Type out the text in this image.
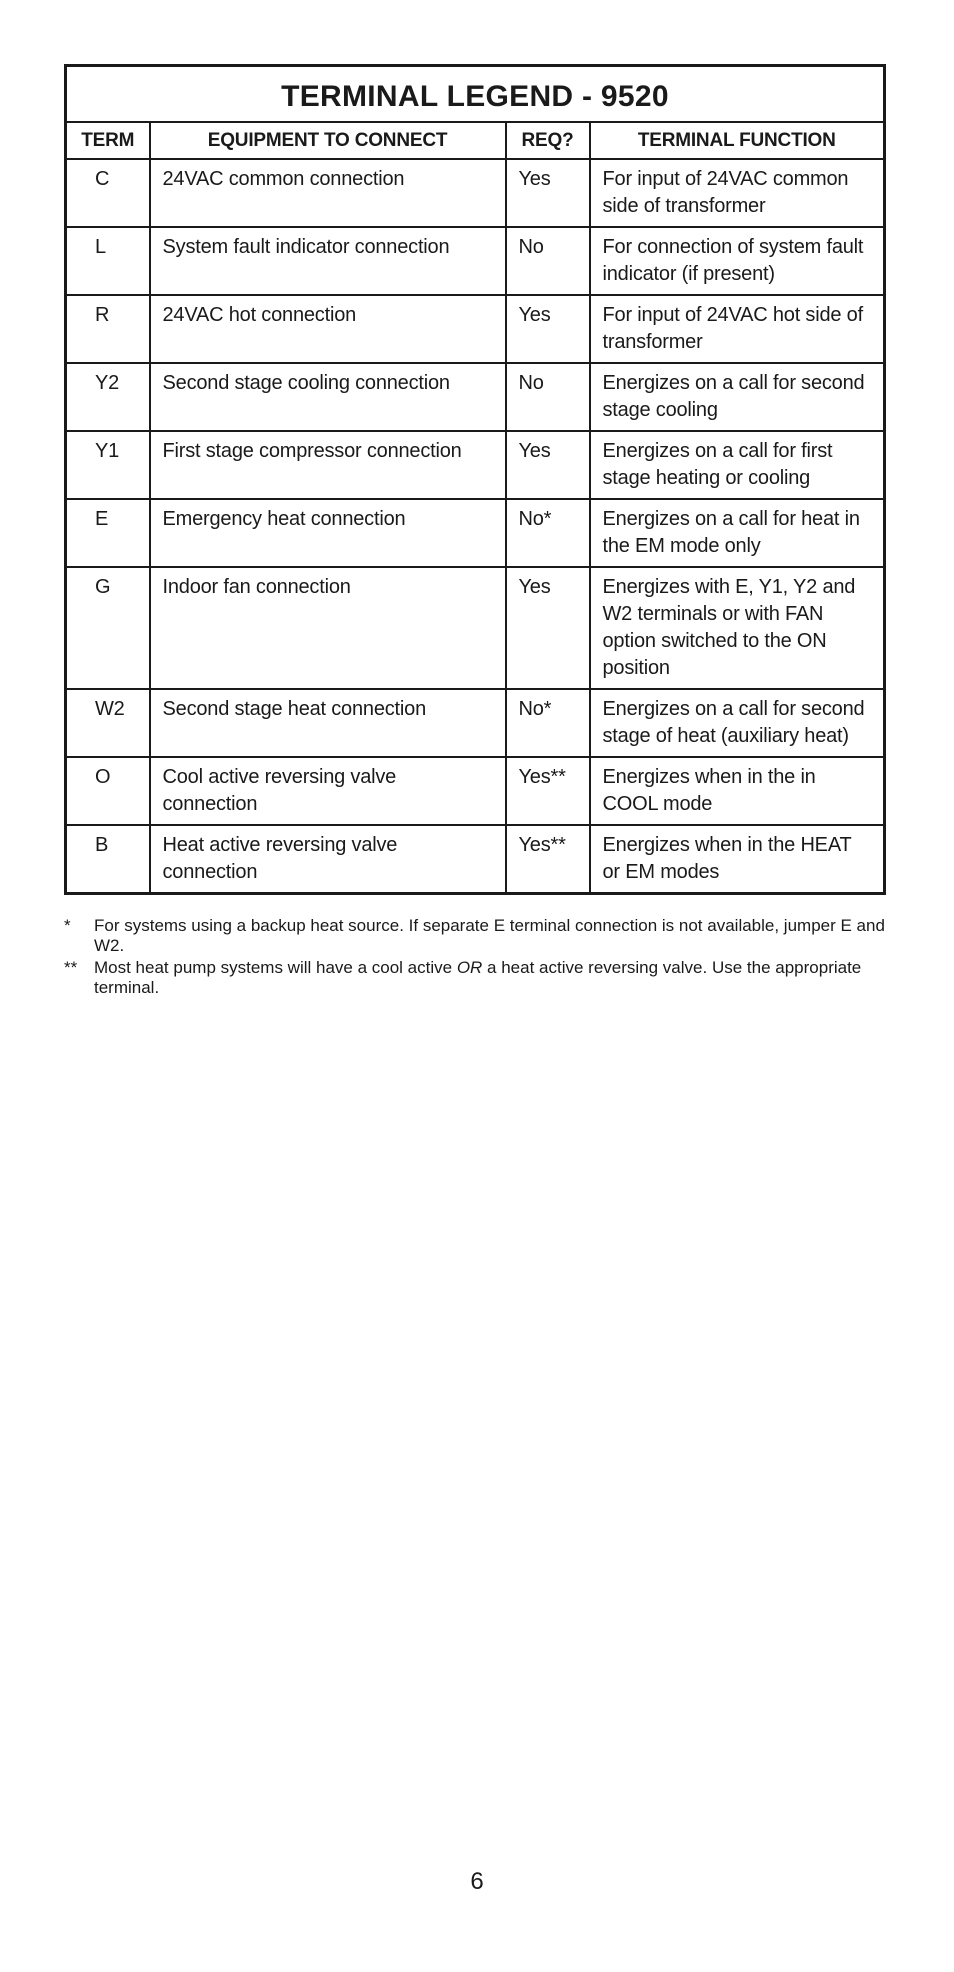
TERMINAL LEGEND - 9520			
TERM	EQUIPMENT TO CONNECT	REQ?	TERMINAL FUNCTION
C	24VAC common connection	Yes	For input of 24VAC common side of transformer
L	System fault indicator connection	No	For connection of system fault indicator (if present)
R	24VAC hot connection	Yes	For input of 24VAC hot side of transformer
Y2	Second stage cooling connection	No	Energizes on a call for second stage cooling
Y1	First stage compressor connection	Yes	Energizes on a call for first stage heating or cooling
E	Emergency heat connection	No*	Energizes on a call for heat in the EM mode only
G	Indoor fan connection	Yes	Energizes with E, Y1, Y2 and W2 terminals or with FAN option switched to the ON position
W2	Second stage heat connection	No*	Energizes on a call for second stage of heat (auxiliary heat)
O	Cool active reversing valve connection	Yes**	Energizes when in the in COOL mode
B	Heat active reversing valve connection	Yes**	Energizes when in the HEAT or EM modes
*	For systems using a backup heat source. If separate E terminal connection is not available, jumper E and W2.
** Most heat pump systems will have a cool active OR a heat active reversing valve. Use the appropriate terminal.
6
